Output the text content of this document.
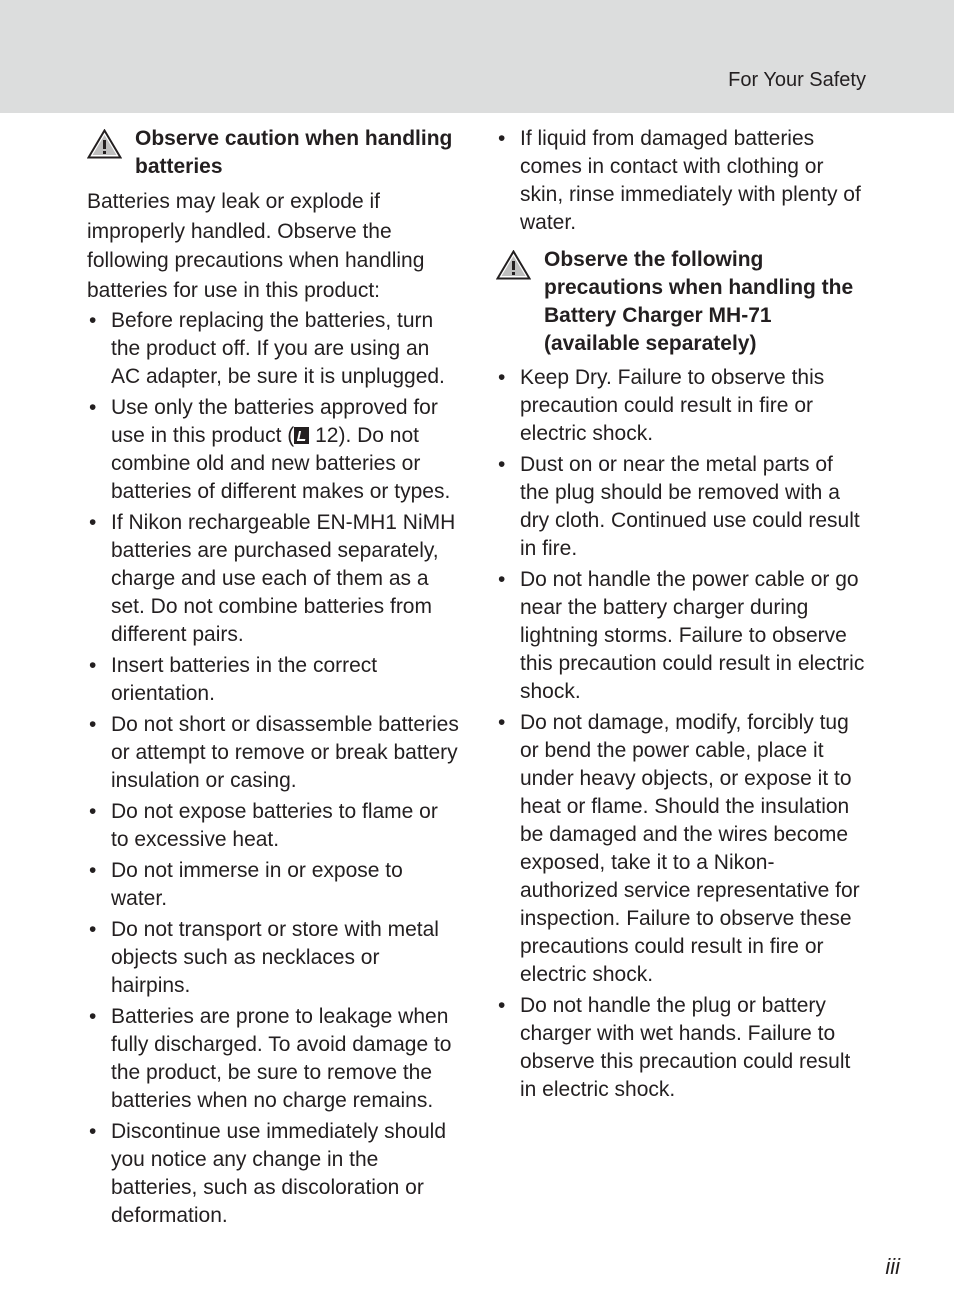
For Your Safety
Observe caution when handling batteries

Batteries may leak or explode if improperly handled. Observe the following precautions when handling batteries for use in this product:

• Before replacing the batteries, turn the product off. If you are using an AC adapter, be sure it is unplugged.
• Use only the batteries approved for use in this product ( 12). Do not combine old and new batteries or batteries of different makes or types.
• If Nikon rechargeable EN-MH1 NiMH batteries are purchased separately, charge and use each of them as a set. Do not combine batteries from different pairs.
• Insert batteries in the correct orientation.
• Do not short or disassemble batteries or attempt to remove or break battery insulation or casing.
• Do not expose batteries to flame or to excessive heat.
• Do not immerse in or expose to water.
• Do not transport or store with metal objects such as necklaces or hairpins.
• Batteries are prone to leakage when fully discharged. To avoid damage to the product, be sure to remove the batteries when no charge remains.
• Discontinue use immediately should you notice any change in the batteries, such as discoloration or deformation.
• If liquid from damaged batteries comes in contact with clothing or skin, rinse immediately with plenty of water.
Observe the following precautions when handling the Battery Charger MH-71 (available separately)
• Keep Dry. Failure to observe this precaution could result in fire or electric shock.
• Dust on or near the metal parts of the plug should be removed with a dry cloth. Continued use could result in fire.
• Do not handle the power cable or go near the battery charger during lightning storms. Failure to observe this precaution could result in electric shock.
• Do not damage, modify, forcibly tug or bend the power cable, place it under heavy objects, or expose it to heat or flame. Should the insulation be damaged and the wires become exposed, take it to a Nikon-authorized service representative for inspection. Failure to observe these precautions could result in fire or electric shock.
• Do not handle the plug or battery charger with wet hands. Failure to observe this precaution could result in electric shock.
iii
